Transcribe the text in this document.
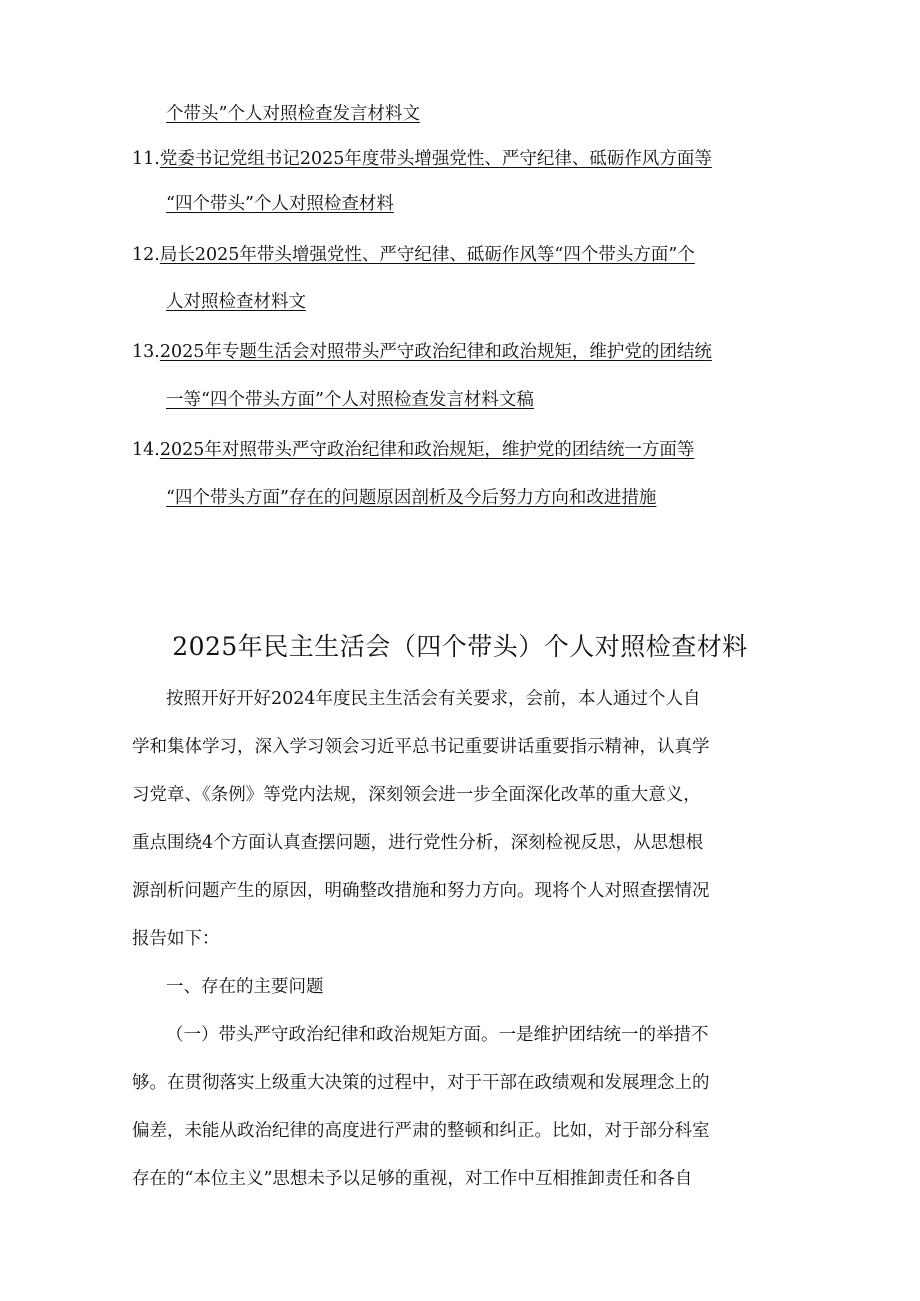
个带头”个人对照检查发言材料文
11.党委书记党组书记2025年度带头增强党性、严守纪律、砥砺作风方面等
“四个带头”个人对照检查材料
12.局长2025年带头增强党性、严守纪律、砥砺作风等“四个带头方面”个
人对照检查材料文
13.2025年专题生活会对照带头严守政治纪律和政治规矩，维护党的团结统
一等“四个带头方面”个人对照检查发言材料文稿
14.2025年对照带头严守政治纪律和政治规矩，维护党的团结统一方面等
“四个带头方面”存在的问题原因剖析及今后努力方向和改进措施
2025年民主生活会（四个带头）个人对照检查材料
按照开好开好2024年度民主生活会有关要求，会前，本人通过个人自
学和集体学习，深入学习领会习近平总书记重要讲话重要指示精神，认真学
习党章、《条例》等党内法规，深刻领会进一步全面深化改革的重大意义，
重点围绕4个方面认真查摆问题，进行党性分析，深刻检视反思，从思想根
源剖析问题产生的原因，明确整改措施和努力方向。现将个人对照查摆情况
报告如下：
一、存在的主要问题
（一）带头严守政治纪律和政治规矩方面。一是维护团结统一的举措不
够。在贯彻落实上级重大决策的过程中，对于干部在政绩观和发展理念上的
偏差，未能从政治纪律的高度进行严肃的整顿和纠正。比如，对于部分科室
存在的“本位主义”思想未予以足够的重视，对工作中互相推卸责任和各自
